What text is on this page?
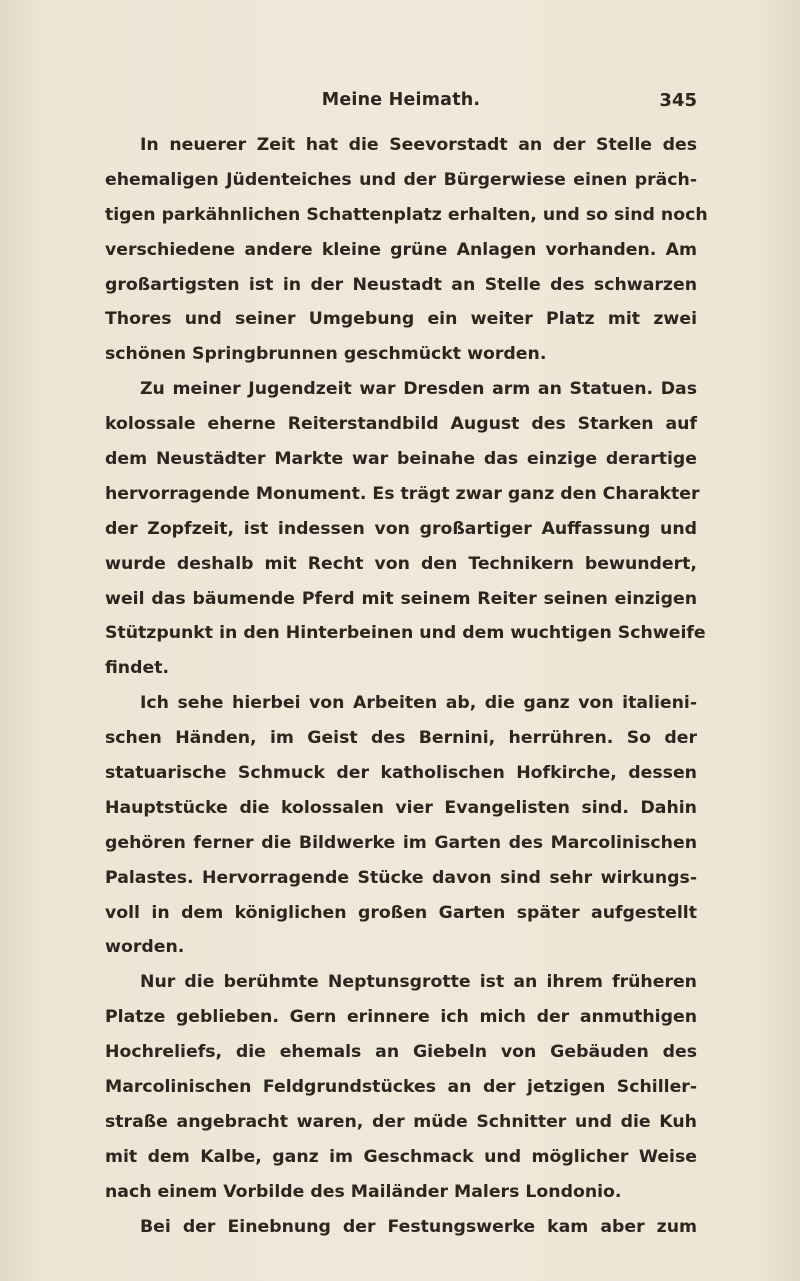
Meine Heimath.	345
In neuerer Zeit hat die Seevorstadt an der Stelle des
ehemaligen Jüdenteiches und der Bürgerwiese einen präch-
tigen parkähnlichen Schattenplatz erhalten, und so sind noch
verschiedene andere kleine grüne Anlagen vorhanden. Am
großartigsten ist in der Neustadt an Stelle des schwarzen
Thores und seiner Umgebung ein weiter Platz mit zwei
schönen Springbrunnen geschmückt worden.
Zu meiner Jugendzeit war Dresden arm an Statuen. Das
kolossale eherne Reiterstandbild August des Starken auf
dem Neustädter Markte war beinahe das einzige derartige
hervorragende Monument. Es trägt zwar ganz den Charakter
der Zopfzeit, ist indessen von großartiger Auffassung und
wurde deshalb mit Recht von den Technikern bewundert,
weil das bäumende Pferd mit seinem Reiter seinen einzigen
Stützpunkt in den Hinterbeinen und dem wuchtigen Schweife
findet.
Ich sehe hierbei von Arbeiten ab, die ganz von italieni-
schen Händen, im Geist des Bernini, herrühren. So der
statuarische Schmuck der katholischen Hofkirche, dessen
Hauptstücke die kolossalen vier Evangelisten sind. Dahin
gehören ferner die Bildwerke im Garten des Marcolinischen
Palastes. Hervorragende Stücke davon sind sehr wirkungs-
voll in dem königlichen großen Garten später aufgestellt
worden.
Nur die berühmte Neptunsgrotte ist an ihrem früheren
Platze geblieben. Gern erinnere ich mich der anmuthigen
Hochreliefs, die ehemals an Giebeln von Gebäuden des
Marcolinischen Feldgrundstückes an der jetzigen Schiller-
straße angebracht waren, der müde Schnitter und die Kuh
mit dem Kalbe, ganz im Geschmack und möglicher Weise
nach einem Vorbilde des Mailänder Malers Londonio.
Bei der Einebnung der Festungswerke kam aber zum
